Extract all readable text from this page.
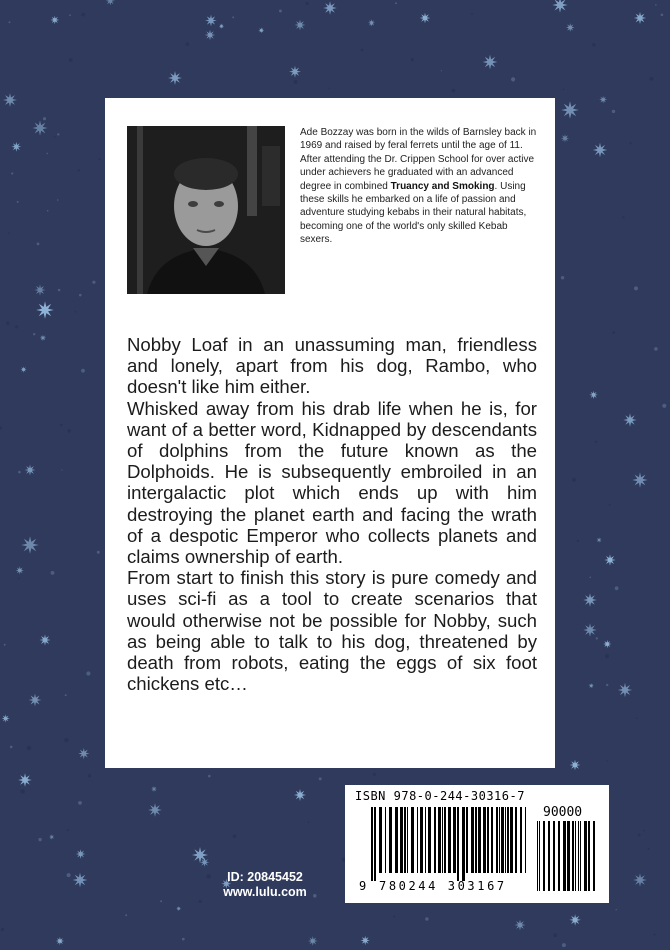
Ade Bozzay was born in the wilds of Barnsley back in 1969 and raised by feral ferrets until the age of 11. After attending the Dr. Crippen School for over active under achievers he graduated with an advanced degree in combined Truancy and Smoking. Using these skills he embarked on a life of passion and adventure studying kebabs in their natural habitats, becoming one of the world's only skilled Kebab sexers.

Nobby Loaf in an unassuming man, friendless and lonely, apart from his dog, Rambo, who doesn't like him either.

Whisked away from his drab life when he is, for want of a better word, Kidnapped by descendants of dolphins from the future known as the Dolphoids. He is subsequently embroiled in an intergalactic plot which ends up with him destroying the planet earth and facing the wrath of a despotic Emperor who collects planets and claims ownership of earth.

From start to finish this story is pure comedy and uses sci-fi as a tool to create scenarios that would otherwise not be possible for Nobby, such as being able to talk to his dog, threatened by death from robots, eating the eggs of six foot chickens etc…

ID: 20845452
www.lulu.com
ISBN 978-0-244-30316-7
90000
9 780244 303167
